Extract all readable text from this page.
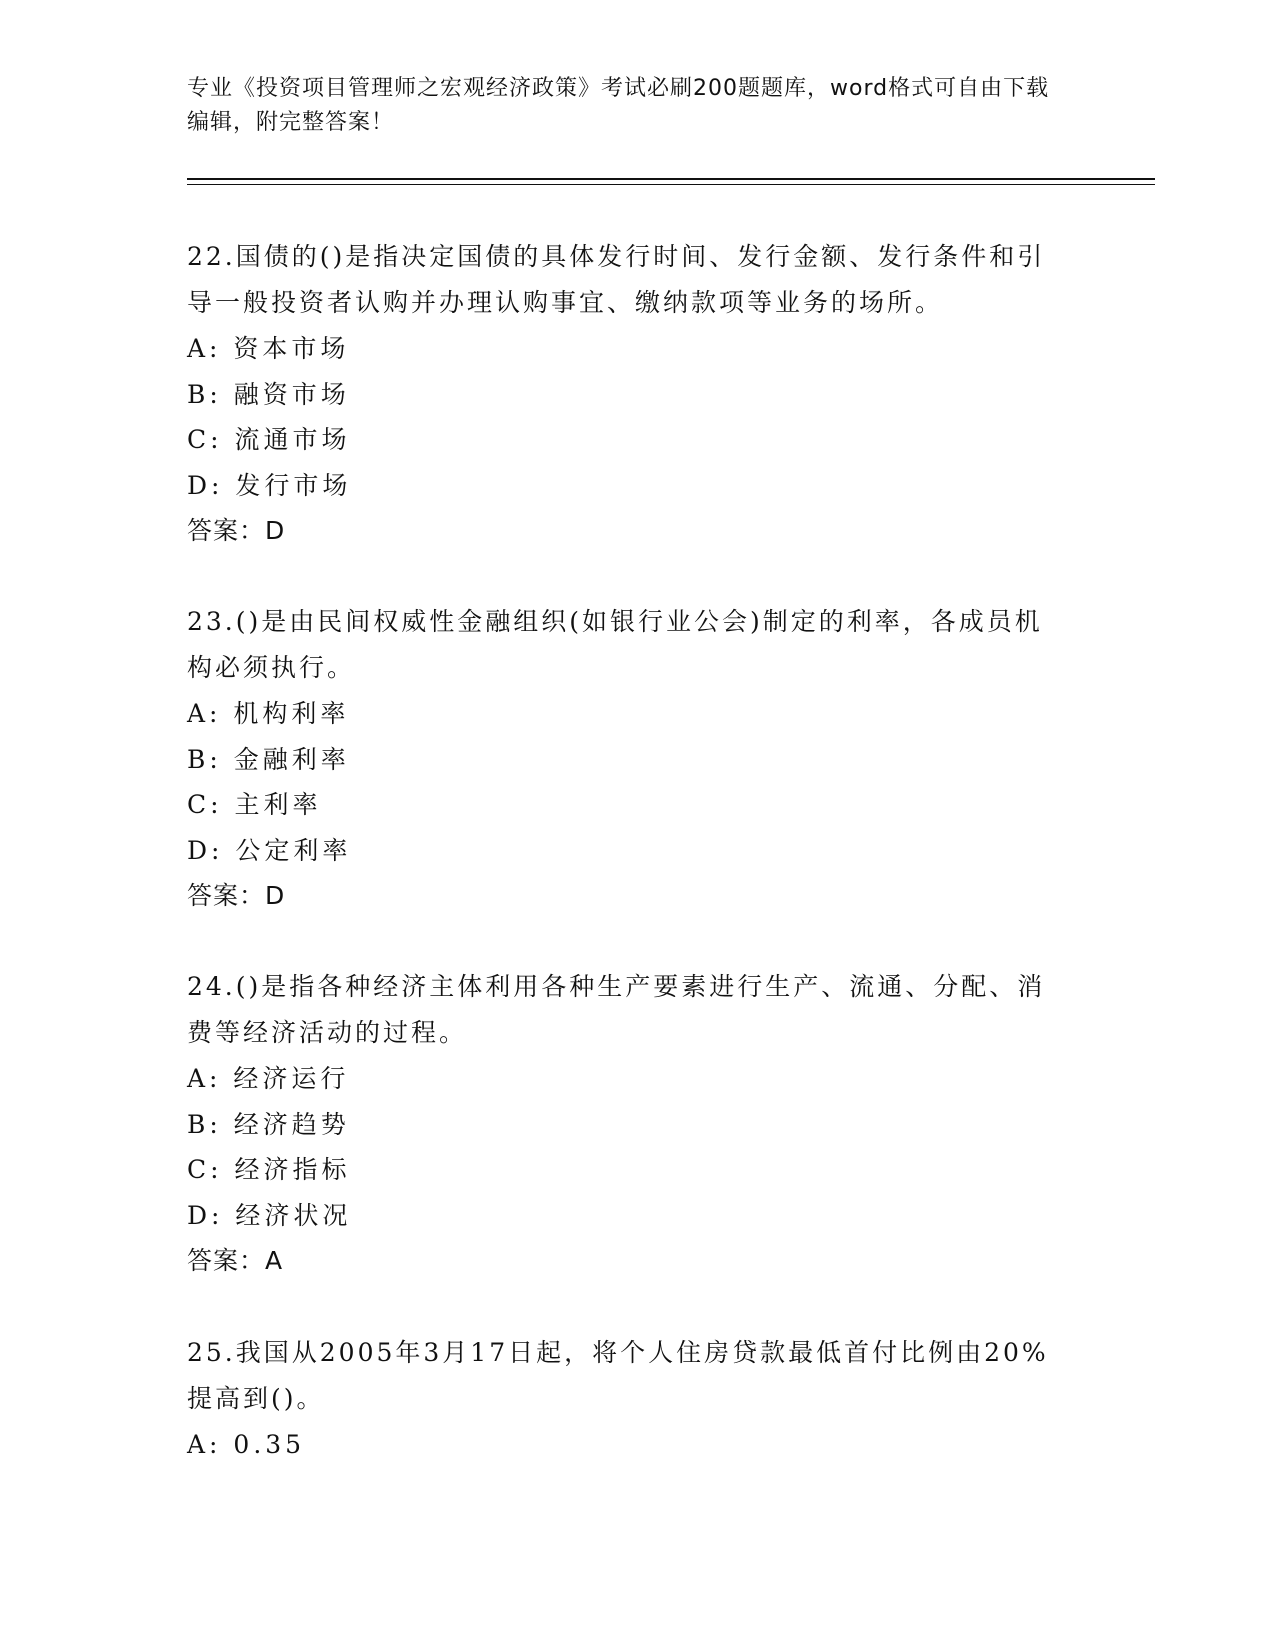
专业《投资项目管理师之宏观经济政策》考试必刷200题题库，word格式可自由下载编辑，附完整答案！

22.国债的()是指决定国债的具体发行时间、发行金额、发行条件和引导一般投资者认购并办理认购事宜、缴纳款项等业务的场所。

A: 资本市场

B: 融资市场

C: 流通市场

D: 发行市场

答案：D

23.()是由民间权威性金融组织(如银行业公会)制定的利率，各成员机构必须执行。

A: 机构利率

B: 金融利率

C: 主利率

D: 公定利率

答案：D

24.()是指各种经济主体利用各种生产要素进行生产、流通、分配、消费等经济活动的过程。

A: 经济运行

B: 经济趋势

C: 经济指标

D: 经济状况

答案：A

25.我国从2005年3月17日起，将个人住房贷款最低首付比例由20%提高到()。

A: 0.35
